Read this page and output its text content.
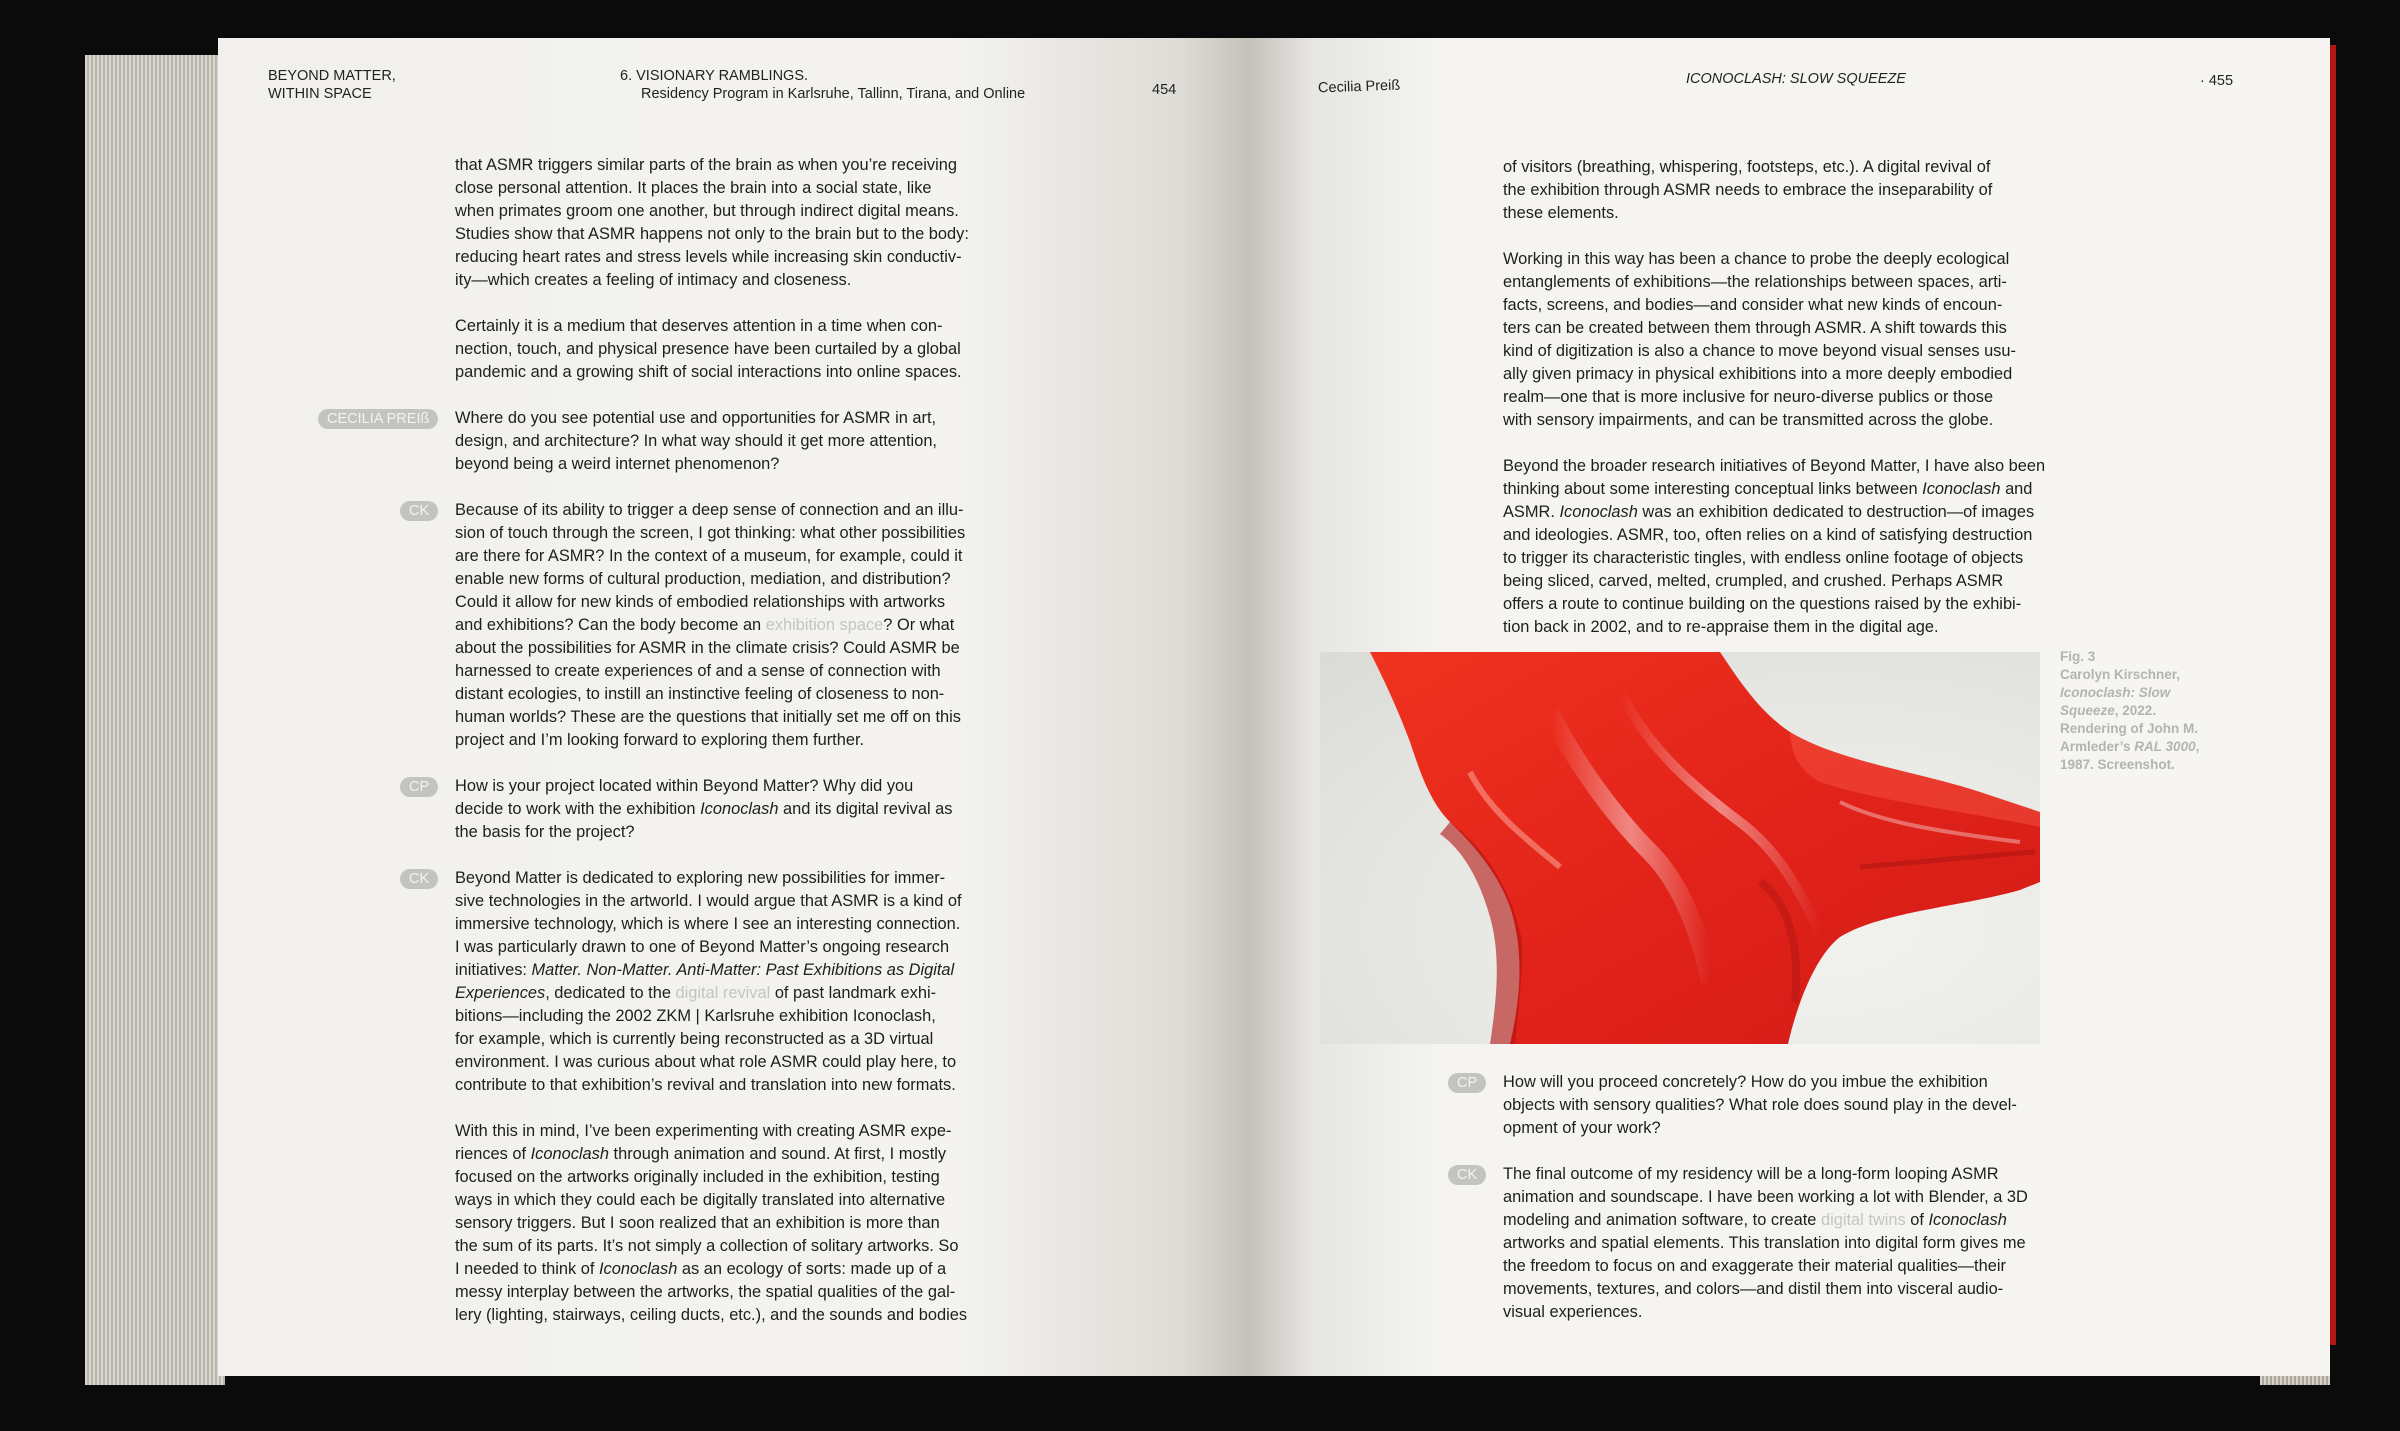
BEYOND MATTER,
WITHIN SPACE
6. VISIONARY RAMBLINGS.
Residency Program in Karlsruhe, Tallinn, Tirana, and Online	454

that ASMR triggers similar parts of the brain as when you’re receiving
close personal attention. It places the brain into a social state, like
when primates groom one another, but through indirect digital means.
Studies show that ASMR happens not only to the brain but to the body:
reducing heart rates and stress levels while increasing skin conductiv-
ity—which creates a feeling of intimacy and closeness.

Certainly it is a medium that deserves attention in a time when con-
nection, touch, and physical presence have been curtailed by a global
pandemic and a growing shift of social interactions into online spaces.

CECILIA PREIß	Where do you see potential use and opportunities for ASMR in art,
design, and architecture? In what way should it get more attention,
beyond being a weird internet phenomenon?
CK	Because of its ability to trigger a deep sense of connection and an illu-
sion of touch through the screen, I got thinking: what other possibilities
are there for ASMR? In the context of a museum, for example, could it
enable new forms of cultural production, mediation, and distribution?
Could it allow for new kinds of embodied relationships with artworks
and exhibitions? Can the body become an exhibition space? Or what
about the possibilities for ASMR in the climate crisis? Could ASMR be
harnessed to create experiences of and a sense of connection with
distant ecologies, to instill an instinctive feeling of closeness to non-
human worlds? These are the questions that initially set me off on this
project and I’m looking forward to exploring them further.
CP	How is your project located within Beyond Matter? Why did you
decide to work with the exhibition Iconoclash and its digital revival as
the basis for the project?
CK	Beyond Matter is dedicated to exploring new possibilities for immer-
sive technologies in the artworld. I would argue that ASMR is a kind of
immersive technology, which is where I see an interesting connection.
I was particularly drawn to one of Beyond Matter’s ongoing research
initiatives: Matter. Non-Matter. Anti-Matter: Past Exhibitions as Digital
Experiences, dedicated to the digital revival of past landmark exhi-
bitions—including the 2002 ZKM | Karlsruhe exhibition Iconoclash,
for example, which is currently being reconstructed as a 3D virtual
environment. I was curious about what role ASMR could play here, to
contribute to that exhibition’s revival and translation into new formats.

With this in mind, I’ve been experimenting with creating ASMR expe-
riences of Iconoclash through animation and sound. At first, I mostly
focused on the artworks originally included in the exhibition, testing
ways in which they could each be digitally translated into alternative
sensory triggers. But I soon realized that an exhibition is more than
the sum of its parts. It’s not simply a collection of solitary artworks. So
I needed to think of Iconoclash as an ecology of sorts: made up of a
messy interplay between the artworks, the spatial qualities of the gal-
lery (lighting, stairways, ceiling ducts, etc.), and the sounds and bodies

Cecilia Preiß	ICONOCLASH: SLOW SQUEEZE	· 455

of visitors (breathing, whispering, footsteps, etc.). A digital revival of
the exhibition through ASMR needs to embrace the inseparability of
these elements.

Working in this way has been a chance to probe the deeply ecological
entanglements of exhibitions—the relationships between spaces, arti-
facts, screens, and bodies—and consider what new kinds of encoun-
ters can be created between them through ASMR. A shift towards this
kind of digitization is also a chance to move beyond visual senses usu-
ally given primacy in physical exhibitions into a more deeply embodied
realm—one that is more inclusive for neuro-diverse publics or those
with sensory impairments, and can be transmitted across the globe.

Beyond the broader research initiatives of Beyond Matter, I have also been
thinking about some interesting conceptual links between Iconoclash and
ASMR. Iconoclash was an exhibition dedicated to destruction—of images
and ideologies. ASMR, too, often relies on a kind of satisfying destruction
to trigger its characteristic tingles, with endless online footage of objects
being sliced, carved, melted, crumpled, and crushed. Perhaps ASMR
offers a route to continue building on the questions raised by the exhibi-
tion back in 2002, and to re-appraise them in the digital age.

Fig. 3
Carolyn Kirschner,
Iconoclash: Slow
Squeeze, 2022.
Rendering of John M.
Armleder’s RAL 3000,
1987. Screenshot.
CP	How will you proceed concretely? How do you imbue the exhibition
objects with sensory qualities? What role does sound play in the devel-
opment of your work?
CK	The final outcome of my residency will be a long-form looping ASMR
animation and soundscape. I have been working a lot with Blender, a 3D
modeling and animation software, to create digital twins of Iconoclash
artworks and spatial elements. This translation into digital form gives me
the freedom to focus on and exaggerate their material qualities—their
movements, textures, and colors—and distil them into visceral audio-
visual experiences.
